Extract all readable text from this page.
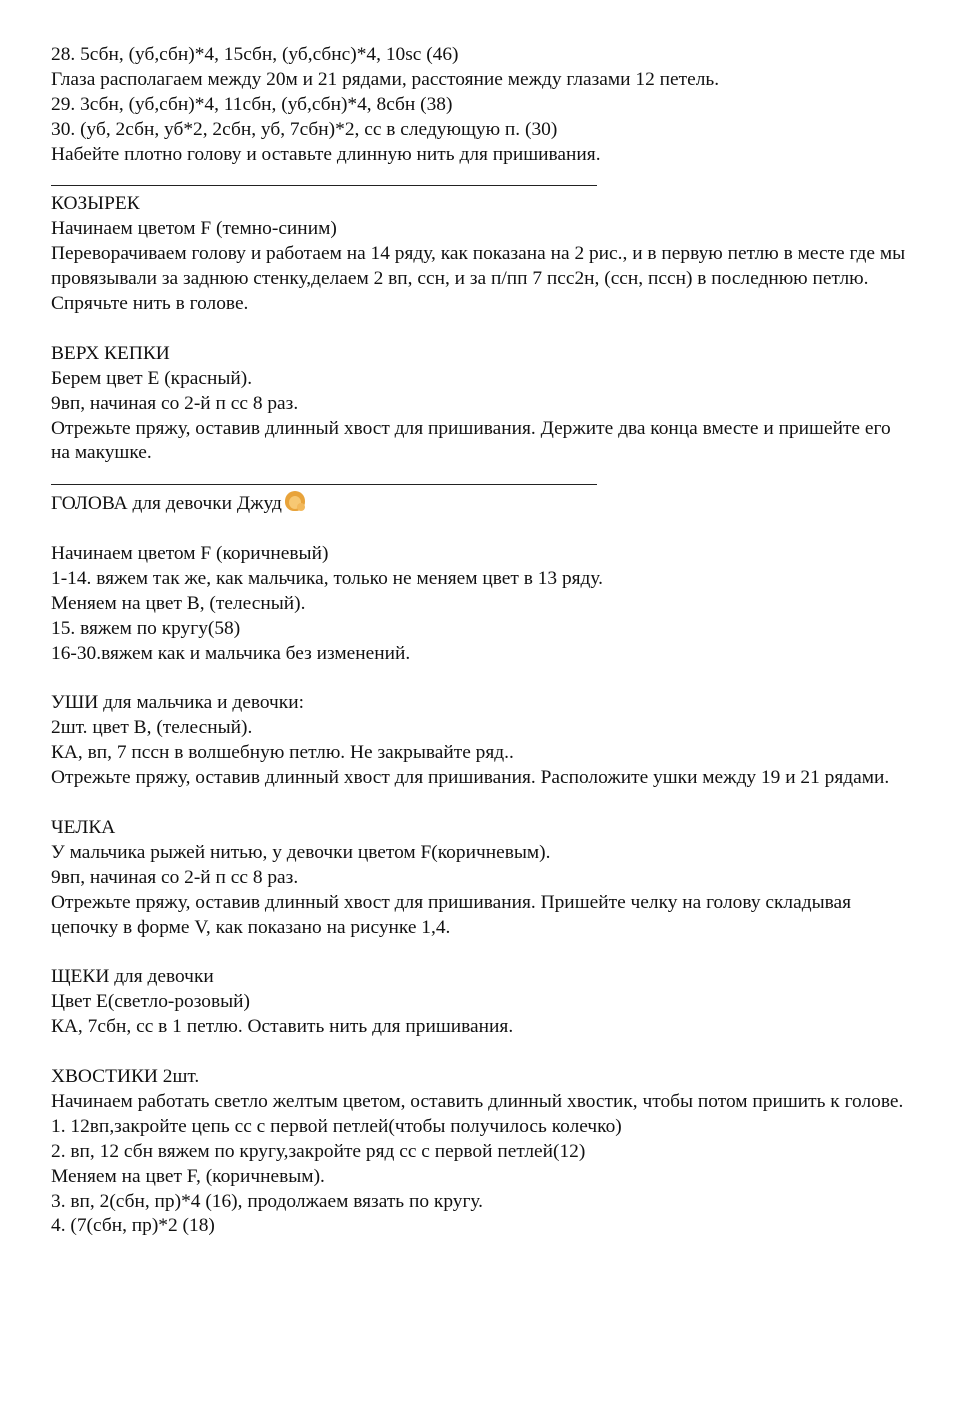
28. 5сбн, (уб,сбн)*4, 15сбн, (уб,сбнс)*4, 10sc (46)
Глаза располагаем между 20м и 21 рядами, расстояние между глазами 12 петель.
29. 3сбн, (уб,сбн)*4, 11сбн, (уб,сбн)*4, 8сбн (38)
30. (уб, 2сбн, уб*2, 2сбн, уб, 7сбн)*2, сс в следующую п. (30)
Набейте плотно голову и оставьте длинную нить для пришивания.
КОЗЫРЕК
Начинаем цветом F (темно-синим)
Переворачиваем голову и работаем на 14 ряду, как показана на 2 рис., и в первую петлю в месте где мы провязывали за заднюю стенку,делаем 2 вп, ссн, и за п/пп 7 псс2н, (ссн, пссн) в последнюю петлю.
Спрячьте нить в голове.
ВЕРХ КЕПКИ
Берем цвет E (красный).
9вп, начиная со 2-й п сс 8 раз.
Отрежьте пряжу, оставив длинный хвост для пришивания. Держите два конца вместе и пришейте его на макушке.
ГОЛОВА для девочки Джуд
Начинаем цветом F (коричневый)
1-14. вяжем так же, как мальчика, только не меняем цвет в 13 ряду.
Меняем на цвет B, (телесный).
15. вяжем по кругу(58)
16-30.вяжем как и мальчика без изменений.
УШИ для мальчика и девочки:
2шт. цвет B, (телесный).
КА, вп, 7 пссн в волшебную петлю. Не закрывайте ряд..
Отрежьте пряжу, оставив длинный хвост для пришивания. Расположите ушки между 19 и 21 рядами.
ЧЕЛКА
У мальчика рыжей нитью, у девочки цветом F(коричневым).
9вп, начиная со 2-й п сс 8 раз.
Отрежьте пряжу, оставив длинный хвост для пришивания. Пришейте челку на голову складывая
цепочку в форме V, как показано на рисунке 1,4.
ЩЕКИ для девочки
Цвет E(светло-розовый)
КА, 7сбн, сс в 1 петлю. Оставить нить для пришивания.
ХВОСТИКИ 2шт.
Начинаем работать светло желтым цветом, оставить длинный хвостик, чтобы потом пришить к голове.
1. 12вп,закройте цепь сс с первой петлей(чтобы получилось колечко)
2. вп, 12 сбн вяжем по кругу,закройте ряд сс с первой петлей(12)
Меняем на цвет F, (коричневым).
3. вп, 2(сбн, пр)*4 (16), продолжаем вязать по кругу.
4. (7(сбн, пр)*2 (18)
